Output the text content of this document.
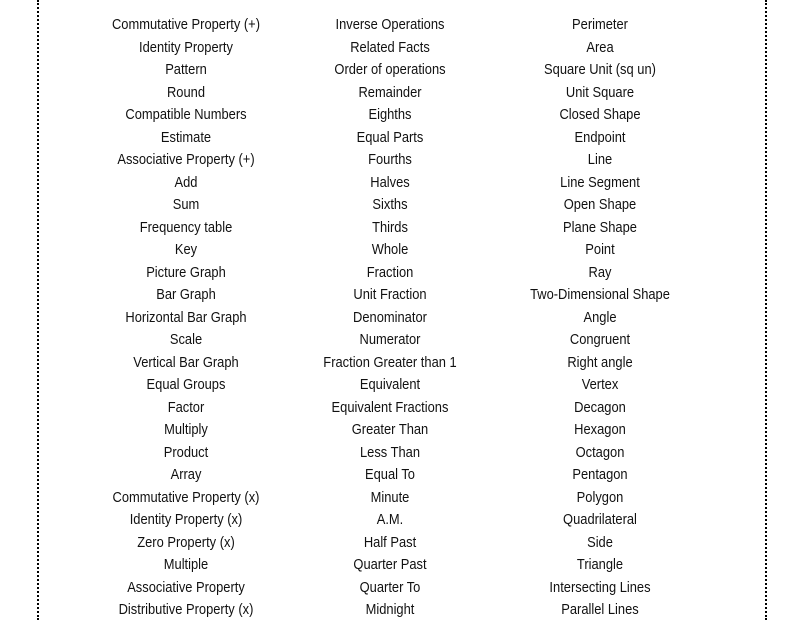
Commutative Property (+)
Identity Property
Pattern
Round
Compatible Numbers
Estimate
Associative Property (+)
Add
Sum
Frequency table
Key
Picture Graph
Bar Graph
Horizontal Bar Graph
Scale
Vertical Bar Graph
Equal Groups
Factor
Multiply
Product
Array
Commutative Property (x)
Identity Property (x)
Zero Property (x)
Multiple
Associative Property
Distributive Property (x)
Inverse Operations
Related Facts
Order of operations
Remainder
Eighths
Equal Parts
Fourths
Halves
Sixths
Thirds
Whole
Fraction
Unit Fraction
Denominator
Numerator
Fraction Greater than 1
Equivalent
Equivalent Fractions
Greater Than
Less Than
Equal To
Minute
A.M.
Half Past
Quarter Past
Quarter To
Midnight
Perimeter
Area
Square Unit (sq un)
Unit Square
Closed Shape
Endpoint
Line
Line Segment
Open Shape
Plane Shape
Point
Ray
Two-Dimensional Shape
Angle
Congruent
Right angle
Vertex
Decagon
Hexagon
Octagon
Pentagon
Polygon
Quadrilateral
Side
Triangle
Intersecting Lines
Parallel Lines
